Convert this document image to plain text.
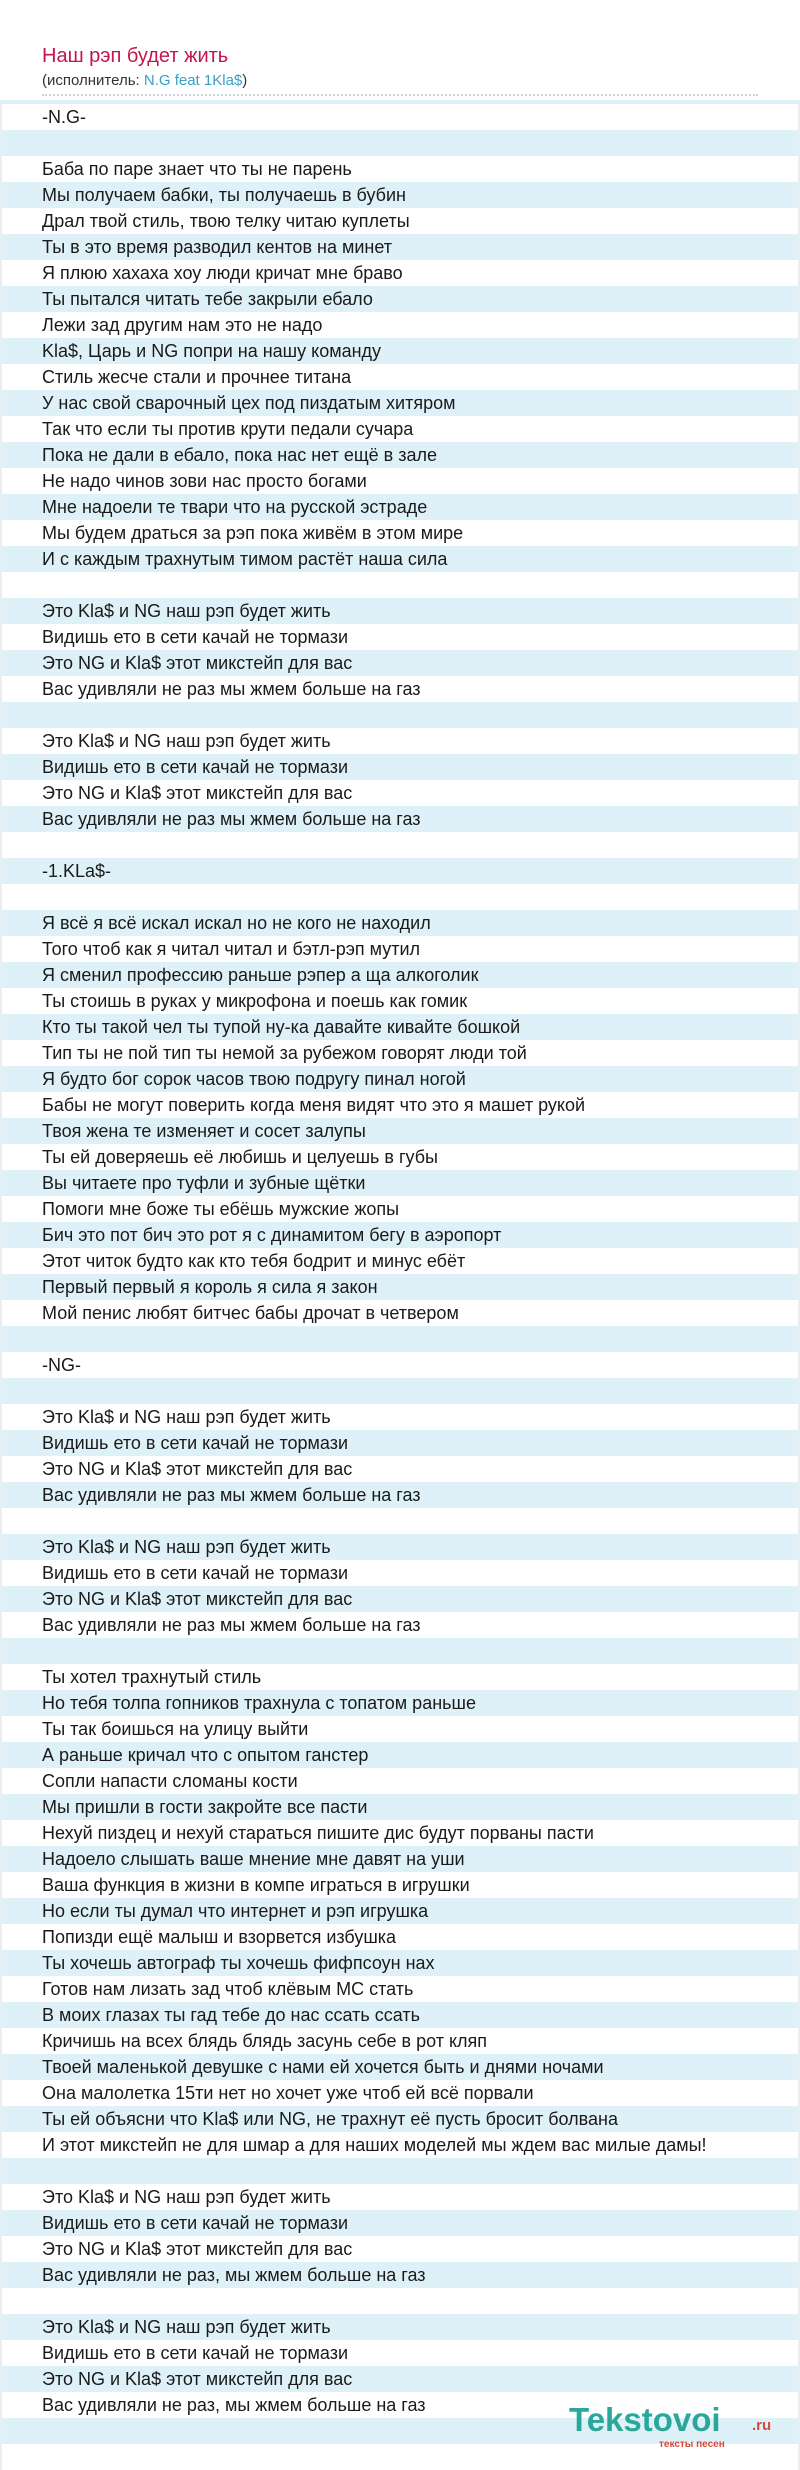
Наш рэп будет жить
(исполнитель: N.G feat 1Kla$)
-N.G-

Баба по паре знает что ты не парень
Мы получаем бабки, ты получаешь в бубин
Драл твой стиль, твою телку читаю куплеты
Ты в это время разводил кентов на минет
Я плюю хахаха хоу люди кричат мне браво
Ты пытался читать тебе закрыли ебало
Лежи зад другим нам это не надо
Kla$, Царь и NG попри на нашу команду
Стиль жесче стали и прочнее титана
У нас свой сварочный цех под пиздатым хитяром
Так что если ты против крути педали сучара
Пока не дали в ебало, пока нас нет ещё в зале
Не надо чинов зови нас просто богами
Мне надоели те твари что на русской эстраде
Мы будем драться за рэп пока живём в этом мире
И с каждым трахнутым тимом растёт наша сила

Это Kla$ и NG наш рэп будет жить
Видишь ето в сети качай не тормази
Это NG и Kla$ этот микстейп для вас
Вас удивляли не раз мы жмем больше на газ

Это Kla$ и NG наш рэп будет жить
Видишь ето в сети качай не тормази
Это NG и Kla$ этот микстейп для вас
Вас удивляли не раз мы жмем больше на газ

-1.KLa$-

Я всё я всё искал искал но не кого не находил
Того чтоб как я читал читал и бэтл-рэп мутил
Я сменил профессию раньше рэпер а ща алкоголик
Ты стоишь в руках у микрофона и поешь как гомик
Кто ты такой чел ты тупой ну-ка давайте кивайте бошкой
Тип ты не пой тип ты немой за рубежом говорят люди той
Я будто бог сорок часов твою подругу пинал ногой
Бабы не могут поверить когда меня видят что это я машет рукой
Твоя жена те изменяет и сосет залупы
Ты ей доверяешь её любишь и целуешь в губы
Вы читаете про туфли и зубные щётки
Помоги мне боже ты ебёшь мужские жопы
Бич это пот бич это рот я с динамитом бегу в аэропорт
Этот читок будто как кто тебя бодрит и минус ебёт
Первый первый я король я сила я закон
Мой пенис любят битчес бабы дрочат в четвером

-NG-

Это Kla$ и NG наш рэп будет жить
Видишь ето в сети качай не тормази
Это NG и Kla$ этот микстейп для вас
Вас удивляли не раз мы жмем больше на газ

Это Kla$ и NG наш рэп будет жить
Видишь ето в сети качай не тормази
Это NG и Kla$ этот микстейп для вас
Вас удивляли не раз мы жмем больше на газ

Ты хотел трахнутый стиль
Но тебя толпа гопников трахнула с топатом раньше
Ты так боишься на улицу выйти
А раньше кричал что с опытом ганстер
Сопли напасти сломаны кости
Мы пришли в гости закройте все пасти
Нехуй пиздец и нехуй стараться пишите дис будут порваны пасти
Надоело слышать ваше мнение мне давят на уши
Ваша функция в жизни в компе играться в игрушки
Но если ты думал что интернет и рэп игрушка
Попизди ещё малыш и взорвется избушка
Ты хочешь автограф ты хочешь фифпсоун нах
Готов нам лизать зад чтоб клёвым МС стать
В моих глазах ты гад тебе до нас ссать ссать
Кричишь на всех блядь блядь засунь себе в рот кляп
Твоей маленькой девушке с нами ей хочется быть и днями ночами
Она малолетка 15ти нет но хочет уже чтоб ей всё порвали
Ты ей объясни что Kla$ или NG, не трахнут её пусть бросит болвана
И этот микстейп не для шмар а для наших моделей мы ждем вас милые дамы!

Это Kla$ и NG наш рэп будет жить
Видишь ето в сети качай не тормази
Это NG и Kla$ этот микстейп для вас
Вас удивляли не раз, мы жмем больше на газ

Это Kla$ и NG наш рэп будет жить
Видишь ето в сети качай не тормази
Это NG и Kla$ этот микстейп для вас
Вас удивляли не раз, мы жмем больше на газ	Tekstovoi .ru
тексты песен
